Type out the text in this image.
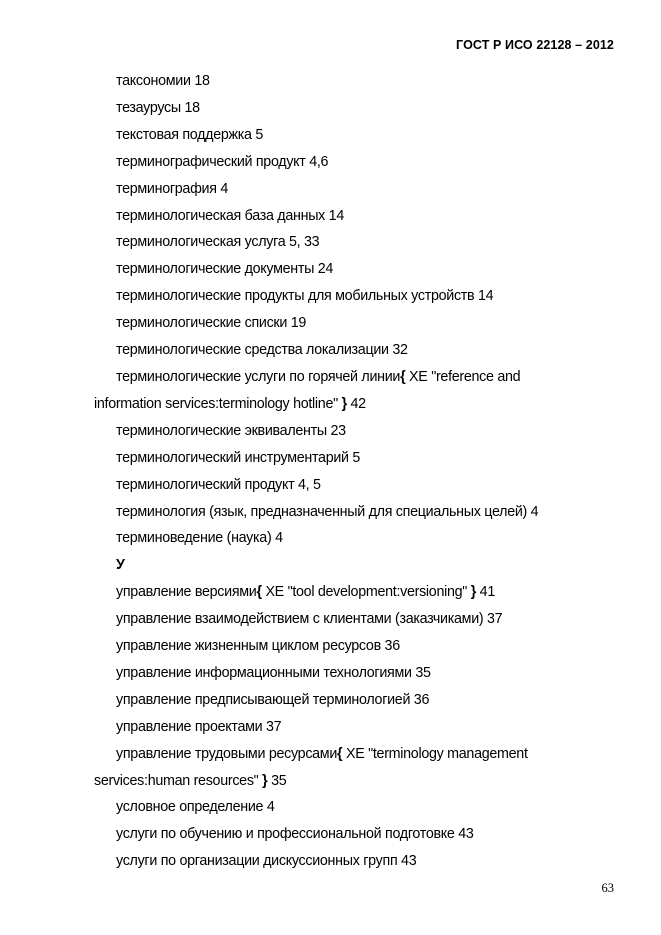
ГОСТ Р ИСО 22128 – 2012
таксономии 18
тезаурусы 18
текстовая поддержка 5
терминографический продукт 4,6
терминография 4
терминологическая база данных 14
терминологическая услуга 5, 33
терминологические документы 24
терминологические продукты для мобильных устройств 14
терминологические списки 19
терминологические средства локализации 32
терминологические услуги по горячей линии{ XE "reference and
information services:terminology hotline" } 42
терминологические эквиваленты 23
терминологический инструментарий 5
терминологический продукт 4, 5
терминология (язык, предназначенный для специальных целей) 4
терминоведение (наука) 4
У
управление версиями{ XE "tool development:versioning" } 41
управление взаимодействием с клиентами (заказчиками) 37
управление жизненным циклом ресурсов 36
управление информационными технологиями 35
управление предписывающей терминологией 36
управление проектами 37
управление трудовыми ресурсами{ XE "terminology management
services:human resources" } 35
условное определение 4
услуги по обучению и профессиональной подготовке 43
услуги по организации дискуссионных групп 43
63
